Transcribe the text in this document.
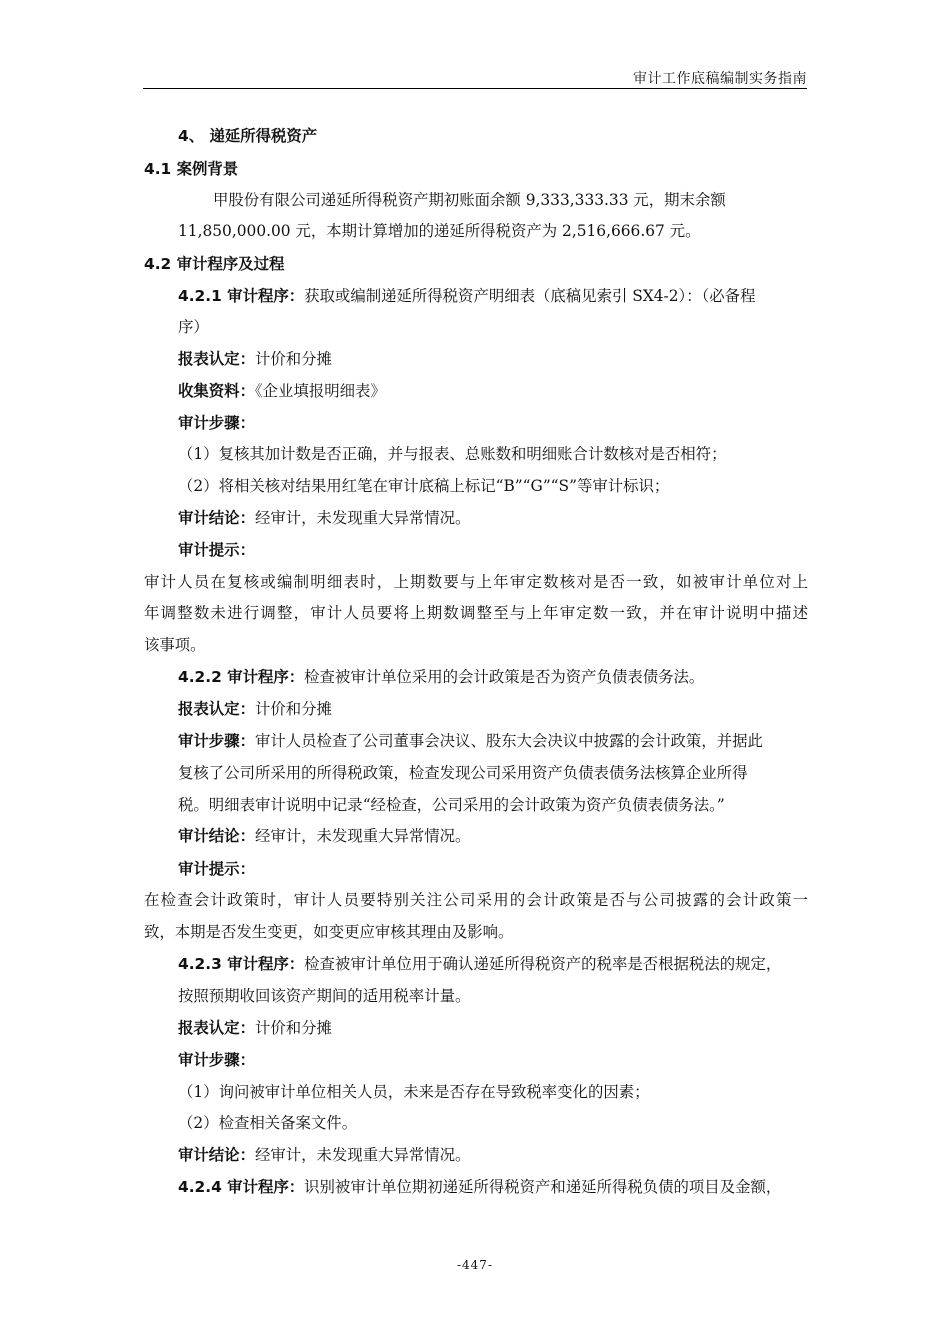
审计工作底稿编制实务指南
4、 递延所得税资产
4.1 案例背景
甲股份有限公司递延所得税资产期初账面余额 9,333,333.33 元，期末余额
11,850,000.00 元，本期计算增加的递延所得税资产为 2,516,666.67 元。
4.2 审计程序及过程
4.2.1 审计程序：获取或编制递延所得税资产明细表（底稿见索引 SX4-2）：（必备程
序）
报表认定：计价和分摊
收集资料：《企业填报明细表》
审计步骤：
（1）复核其加计数是否正确，并与报表、总账数和明细账合计数核对是否相符；
（2）将相关核对结果用红笔在审计底稿上标记“B”“G”“S”等审计标识；
审计结论：经审计，未发现重大异常情况。
审计提示：
审计人员在复核或编制明细表时，上期数要与上年审定数核对是否一致，如被审计单位对上
年调整数未进行调整，审计人员要将上期数调整至与上年审定数一致，并在审计说明中描述
该事项。
4.2.2 审计程序：检查被审计单位采用的会计政策是否为资产负债表债务法。
报表认定：计价和分摊
审计步骤：审计人员检查了公司董事会决议、股东大会决议中披露的会计政策，并据此
复核了公司所采用的所得税政策，检查发现公司采用资产负债表债务法核算企业所得
税。明细表审计说明中记录“经检查，公司采用的会计政策为资产负债表债务法。”
审计结论：经审计，未发现重大异常情况。
审计提示：
在检查会计政策时，审计人员要特别关注公司采用的会计政策是否与公司披露的会计政策一
致，本期是否发生变更，如变更应审核其理由及影响。
4.2.3 审计程序：检查被审计单位用于确认递延所得税资产的税率是否根据税法的规定，
按照预期收回该资产期间的适用税率计量。
报表认定：计价和分摊
审计步骤：
（1）询问被审计单位相关人员，未来是否存在导致税率变化的因素；
（2）检查相关备案文件。
审计结论：经审计，未发现重大异常情况。
4.2.4 审计程序：识别被审计单位期初递延所得税资产和递延所得税负债的项目及金额，
-447-
